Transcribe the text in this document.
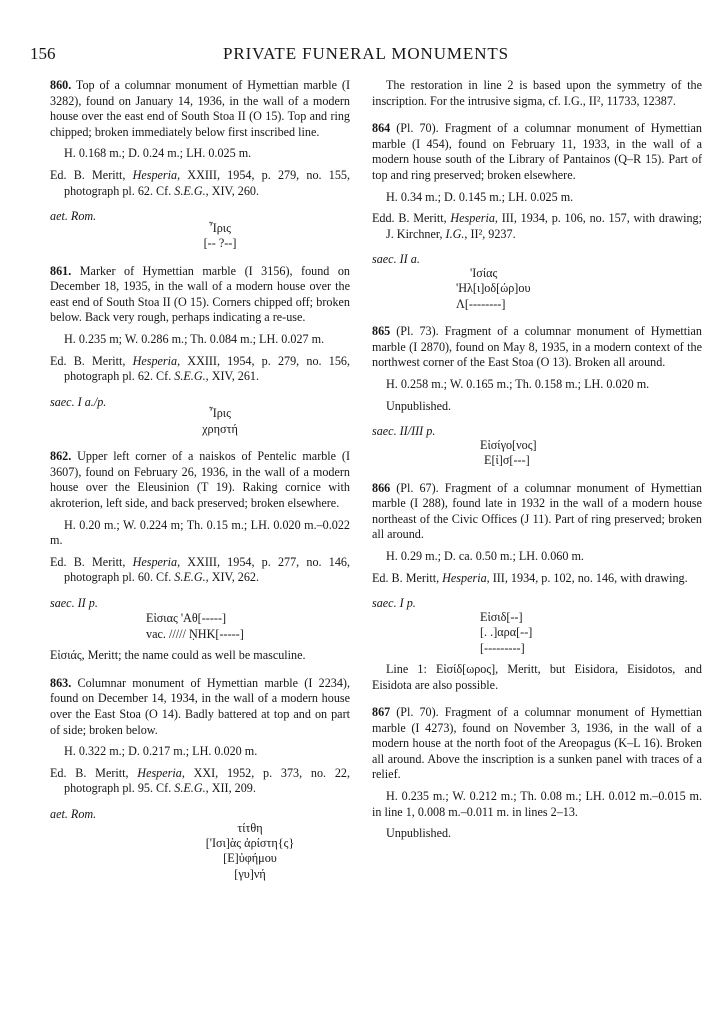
156	PRIVATE FUNERAL MONUMENTS

860. Top of a columnar monument of Hymettian marble (I 3282), found on January 14, 1936, in the wall of a modern house over the east end of South Stoa II (O 15). Top and ring chipped; broken immediately below first inscribed line.

H. 0.168 m.; D. 0.24 m.; LH. 0.025 m.

Ed. B. Meritt, Hesperia, XXIII, 1954, p. 279, no. 155, photograph pl. 62. Cf. S.E.G., XIV, 260.

aet. Rom.

Ἶρις
[-- ?--]

861. Marker of Hymettian marble (I 3156), found on December 18, 1935, in the wall of a modern house over the east end of South Stoa II (O 15). Corners chipped off; broken below. Back very rough, perhaps indicating a re-use.

H. 0.235 m; W. 0.286 m.; Th. 0.084 m.; LH. 0.027 m.

Ed. B. Meritt, Hesperia, XXIII, 1954, p. 279, no. 156, photograph pl. 62. Cf. S.E.G., XIV, 261.

saec. I a./p.

Ἶρις
χρηστή

862. Upper left corner of a naiskos of Pentelic marble (I 3607), found on February 26, 1936, in the wall of a modern house over the Eleusinion (T 19). Raking cornice with akroterion, left side, and back preserved; broken elsewhere.

H. 0.20 m.; W. 0.224 m; Th. 0.15 m.; LH. 0.020 m.–0.022 m.

Ed. B. Meritt, Hesperia, XXIII, 1954, p. 277, no. 146, photograph pl. 60. Cf. S.E.G., XIV, 262.

saec. II p.

Εἰσιας 'Αθ[-----]
vac. ///// ṆΗΚ[-----]

Εἰσιάς, Meritt; the name could as well be masculine.

863. Columnar monument of Hymettian marble (I 2234), found on December 14, 1934, in the wall of a modern house over the East Stoa (O 14). Badly battered at top and on part of side; broken below.

H. 0.322 m.; D. 0.217 m.; LH. 0.020 m.

Ed. B. Meritt, Hesperia, XXI, 1952, p. 373, no. 22, photograph pl. 95. Cf. S.E.G., XII, 209.

aet. Rom.

τίτθη
['Ισι]ὰς ἀρίστη{ς}
[Ε]ὐφήμου
[γυ]νή

The restoration in line 2 is based upon the symmetry of the inscription. For the intrusive sigma, cf. I.G., II², 11733, 12387.

864 (Pl. 70). Fragment of a columnar monument of Hymettian marble (I 454), found on February 11, 1933, in the wall of a modern house south of the Library of Pantainos (Q–R 15). Part of top and ring preserved; broken elsewhere.

H. 0.34 m.; D. 0.145 m.; LH. 0.025 m.

Edd. B. Meritt, Hesperia, III, 1934, p. 106, no. 157, with drawing; J. Kirchner, I.G., II², 9237.

saec. II a.

'Ισίας
'Ηλ[ι]οδ[ώρ]ου
Λ[--------]

865 (Pl. 73). Fragment of a columnar monument of Hymettian marble (I 2870), found on May 8, 1935, in a modern context of the northwest corner of the East Stoa (O 13). Broken all around.

H. 0.258 m.; W. 0.165 m.; Th. 0.158 m.; LH. 0.020 m.

Unpublished.

saec. II/III p.

Εἰσίγο[νος]
Ε[ἰ]σ[---]

866 (Pl. 67). Fragment of a columnar monument of Hymettian marble (I 288), found late in 1932 in the wall of a modern house northeast of the Civic Offices (J 11). Part of ring preserved; broken all around.

H. 0.29 m.; D. ca. 0.50 m.; LH. 0.060 m.

Ed. B. Meritt, Hesperia, III, 1934, p. 102, no. 146, with drawing.

saec. I p.

Εἰσιδ[--]
[. .]αρα[--]
[---------]

Line 1: Εἰσίδ[ωρος], Meritt, but Eisidora, Eisidotos, and Eisidota are also possible.

867 (Pl. 70). Fragment of a columnar monument of Hymettian marble (I 4273), found on November 3, 1936, in the wall of a modern house at the north foot of the Areopagus (K–L 16). Broken all around. Above the inscription is a sunken panel with traces of a relief.

H. 0.235 m.; W. 0.212 m.; Th. 0.08 m.; LH. 0.012 m.–0.015 m. in line 1, 0.008 m.–0.011 m. in lines 2–13.

Unpublished.
